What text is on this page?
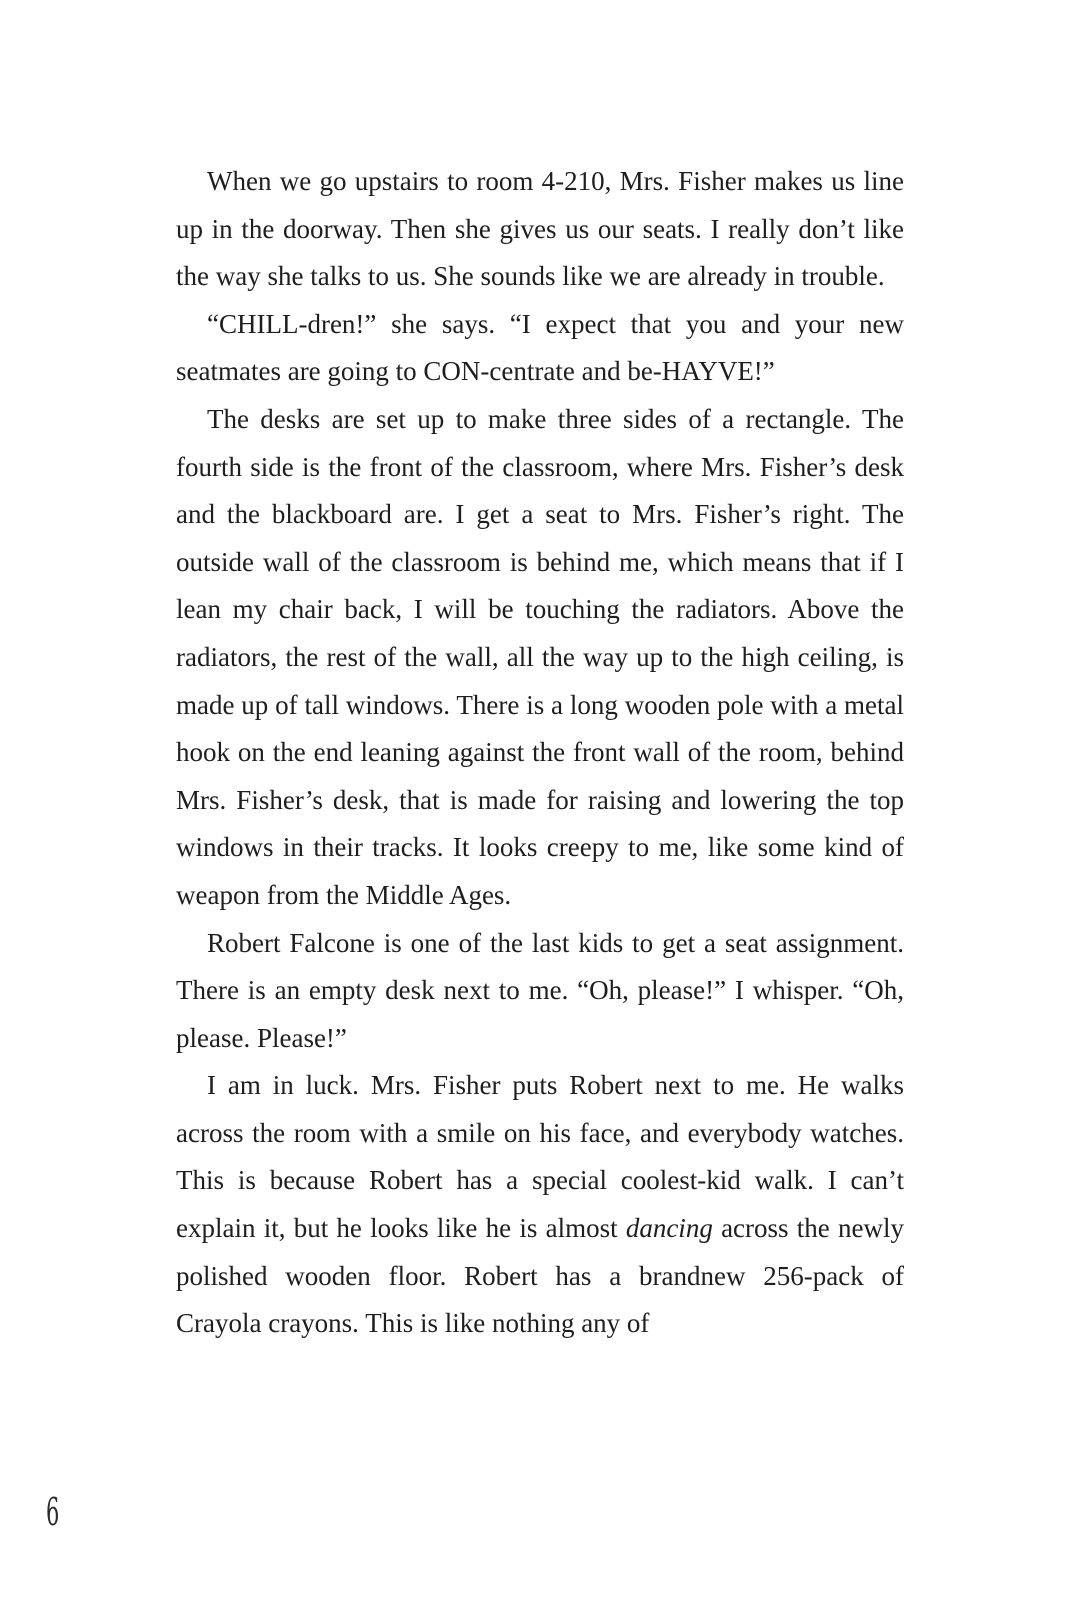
When we go upstairs to room 4-210, Mrs. Fisher makes us line up in the doorway. Then she gives us our seats. I really don’t like the way she talks to us. She sounds like we are already in trouble.

“CHILL-dren!” she says. “I expect that you and your new seatmates are going to CON-centrate and be-HAYVE!”

The desks are set up to make three sides of a rectangle. The fourth side is the front of the classroom, where Mrs. Fisher’s desk and the blackboard are. I get a seat to Mrs. Fisher’s right. The outside wall of the classroom is behind me, which means that if I lean my chair back, I will be touching the radiators. Above the radiators, the rest of the wall, all the way up to the high ceiling, is made up of tall windows. There is a long wooden pole with a metal hook on the end leaning against the front wall of the room, behind Mrs. Fisher’s desk, that is made for raising and lowering the top windows in their tracks. It looks creepy to me, like some kind of weapon from the Middle Ages.

Robert Falcone is one of the last kids to get a seat assignment. There is an empty desk next to me. “Oh, please!” I whisper. “Oh, please. Please!”

I am in luck. Mrs. Fisher puts Robert next to me. He walks across the room with a smile on his face, and everybody watches. This is because Robert has a special coolest-kid walk. I can’t explain it, but he looks like he is almost dancing across the newly polished wooden floor. Robert has a brandnew 256-pack of Crayola crayons. This is like nothing any of

6
